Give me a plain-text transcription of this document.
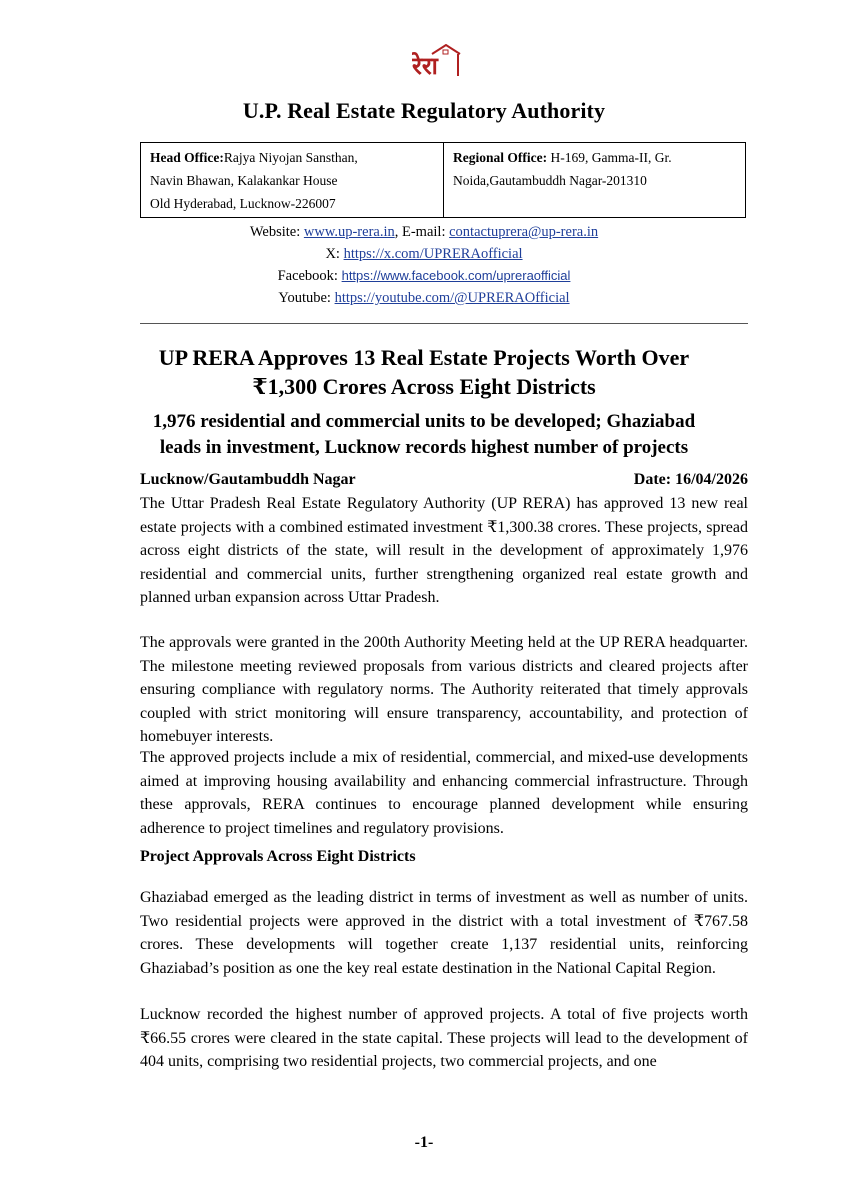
रेरा
U.P. Real Estate Regulatory Authority
Head Office:Rajya Niyojan Sansthan,
Navin Bhawan, Kalakankar House
Old Hyderabad, Lucknow-226007
Regional Office: H-169, Gamma-II, Gr.
Noida,Gautambuddh Nagar-201310
Website: www.up-rera.in, E-mail: contactuprera@up-rera.in
X: https://x.com/UPRERAofficial
Facebook: https://www.facebook.com/upreraofficial
Youtube: https://youtube.com/@UPRERAOfficial
UP RERA Approves 13 Real Estate Projects Worth Over
₹1,300 Crores Across Eight Districts
1,976 residential and commercial units to be developed; Ghaziabad
leads in investment, Lucknow records highest number of projects
Lucknow/Gautambuddh Nagar	Date: 16/04/2026
The Uttar Pradesh Real Estate Regulatory Authority (UP RERA) has approved 13 new real estate projects with a combined estimated investment ₹1,300.38 crores. These projects, spread across eight districts of the state, will result in the development of approximately 1,976 residential and commercial units, further strengthening organized real estate growth and planned urban expansion across Uttar Pradesh.
The approvals were granted in the 200th Authority Meeting held at the UP RERA headquarter. The milestone meeting reviewed proposals from various districts and cleared projects after ensuring compliance with regulatory norms. The Authority reiterated that timely approvals coupled with strict monitoring will ensure transparency, accountability, and protection of homebuyer interests.
The approved projects include a mix of residential, commercial, and mixed-use developments aimed at improving housing availability and enhancing commercial infrastructure. Through these approvals, RERA continues to encourage planned development while ensuring adherence to project timelines and regulatory provisions.
Project Approvals Across Eight Districts
Ghaziabad emerged as the leading district in terms of investment as well as number of units. Two residential projects were approved in the district with a total investment of ₹767.58 crores. These developments will together create 1,137 residential units, reinforcing Ghaziabad’s position as one the key real estate destination in the National Capital Region.
Lucknow recorded the highest number of approved projects. A total of five projects worth ₹66.55 crores were cleared in the state capital. These projects will lead to the development of 404 units, comprising two residential projects, two commercial projects, and one
-1-
